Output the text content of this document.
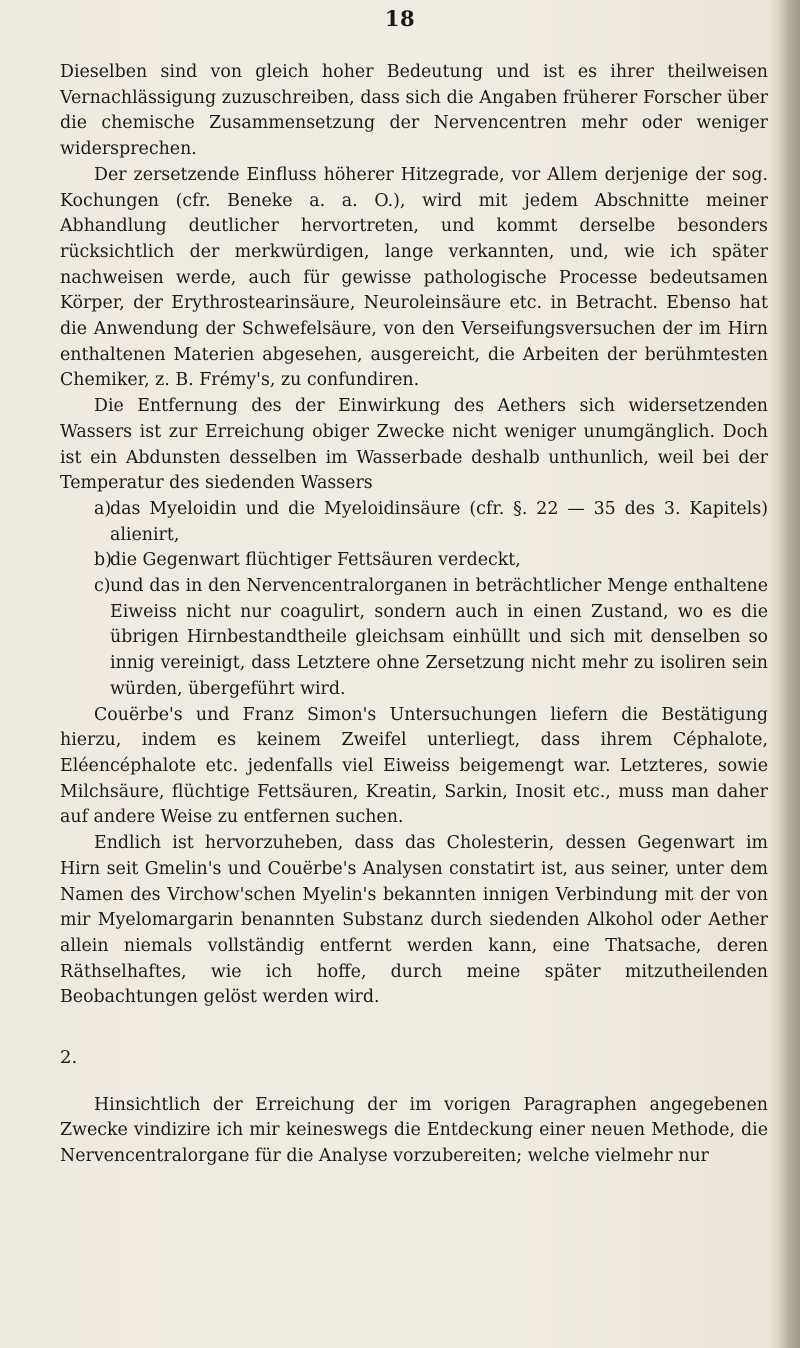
18

Dieselben sind von gleich hoher Bedeutung und ist es ihrer theilweisen Vernachlässigung zuzuschreiben, dass sich die Angaben früherer Forscher über die chemische Zusammensetzung der Nervencentren mehr oder weniger widersprechen.

Der zersetzende Einfluss höherer Hitzegrade, vor Allem derjenige der sog. Kochungen (cfr. Beneke a. a. O.), wird mit jedem Abschnitte meiner Abhandlung deutlicher hervortreten, und kommt derselbe besonders rücksichtlich der merkwürdigen, lange verkannten, und, wie ich später nachweisen werde, auch für gewisse pathologische Processe bedeutsamen Körper, der Erythrostearinsäure, Neuroleinsäure etc. in Betracht. Ebenso hat die Anwendung der Schwefelsäure, von den Verseifungsversuchen der im Hirn enthaltenen Materien abgesehen, ausgereicht, die Arbeiten der berühmtesten Chemiker, z. B. Frémy's, zu confundiren.

Die Entfernung des der Einwirkung des Aethers sich widersetzenden Wassers ist zur Erreichung obiger Zwecke nicht weniger unumgänglich. Doch ist ein Abdunsten desselben im Wasserbade deshalb unthunlich, weil bei der Temperatur des siedenden Wassers

a)
das Myeloidin und die Myeloidinsäure (cfr. §. 22 — 35 des 3. Kapitels) alienirt,
b)
die Gegenwart flüchtiger Fettsäuren verdeckt,
c) und das in den Nervencentralorganen in beträchtlicher Menge enthaltene Eiweiss nicht nur coagulirt, sondern auch in einen Zustand, wo es die übrigen Hirnbestandtheile gleichsam einhüllt und sich mit denselben so innig vereinigt, dass Letztere ohne Zersetzung nicht mehr zu isoliren sein würden, übergeführt wird.

Couërbe's und Franz Simon's Untersuchungen liefern die Bestätigung hierzu, indem es keinem Zweifel unterliegt, dass ihrem Céphalote, Eléencéphalote etc. jedenfalls viel Eiweiss beigemengt war. Letzteres, sowie Milchsäure, flüchtige Fettsäuren, Kreatin, Sarkin, Inosit etc., muss man daher auf andere Weise zu entfernen suchen.

Endlich ist hervorzuheben, dass das Cholesterin, dessen Gegenwart im Hirn seit Gmelin's und Couërbe's Analysen constatirt ist, aus seiner, unter dem Namen des Virchow'schen Myelin's bekannten innigen Verbindung mit der von mir Myelomargarin benannten Substanz durch siedenden Alkohol oder Aether allein niemals vollständig entfernt werden kann, eine Thatsache, deren Räthselhaftes, wie ich hoffe, durch meine später mitzutheilenden Beobachtungen gelöst werden wird.

2.

Hinsichtlich der Erreichung der im vorigen Paragraphen angegebenen Zwecke vindizire ich mir keineswegs die Entdeckung einer neuen Methode, die Nervencentralorgane für die Analyse vorzubereiten; welche vielmehr nur
